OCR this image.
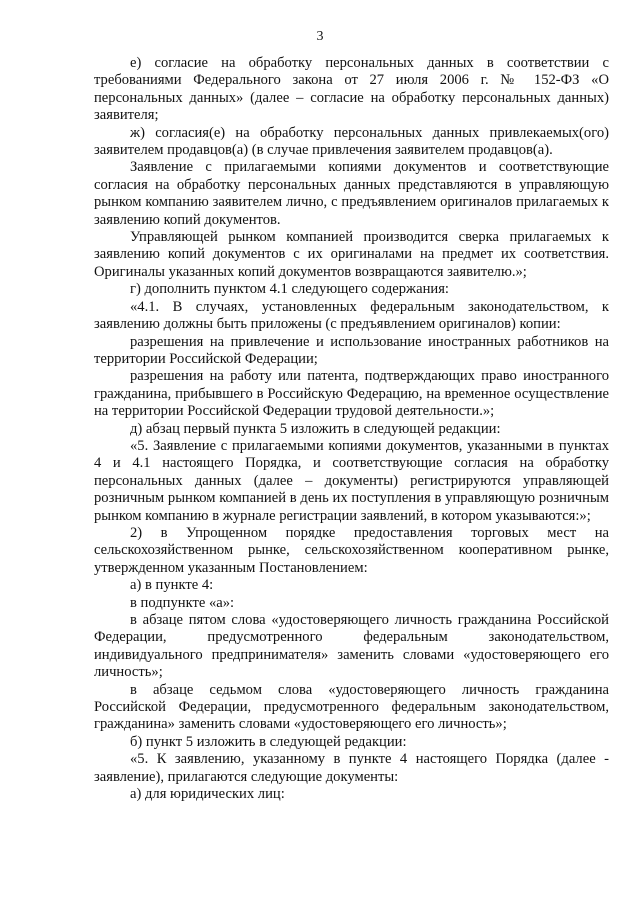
3

е) согласие на обработку персональных данных в соответствии с требованиями Федерального закона от 27 июля 2006 г. № 152-ФЗ «О персональных данных» (далее – согласие на обработку персональных данных) заявителя;

ж) согласия(е) на обработку персональных данных привлекаемых(ого) заявителем продавцов(а) (в случае привлечения заявителем продавцов(а).

Заявление с прилагаемыми копиями документов и соответствующие согласия на обработку персональных данных представляются в управляющую рынком компанию заявителем лично, с предъявлением оригиналов прилагаемых к заявлению копий документов.

Управляющей рынком компанией производится сверка прилагаемых к заявлению копий документов с их оригиналами на предмет их соответствия. Оригиналы указанных копий документов возвращаются заявителю.»;

г) дополнить пунктом 4.1 следующего содержания:

«4.1. В случаях, установленных федеральным законодательством, к заявлению должны быть приложены (с предъявлением оригиналов) копии:

разрешения на привлечение и использование иностранных работников на территории Российской Федерации;

разрешения на работу или патента, подтверждающих право иностранного гражданина, прибывшего в Российскую Федерацию, на временное осуществление на территории Российской Федерации трудовой деятельности.»;

д) абзац первый пункта 5 изложить в следующей редакции:

«5. Заявление с прилагаемыми копиями документов, указанными в пунктах 4 и 4.1 настоящего Порядка, и соответствующие согласия на обработку персональных данных (далее – документы) регистрируются управляющей розничным рынком компанией в день их поступления в управляющую розничным рынком компанию в журнале регистрации заявлений, в котором указываются:»;

2) в Упрощенном порядке предоставления торговых мест на сельскохозяйственном рынке, сельскохозяйственном кооперативном рынке, утвержденном указанным Постановлением:

а) в пункте 4:

в подпункте «а»:

в абзаце пятом слова «удостоверяющего личность гражданина Российской Федерации, предусмотренного федеральным законодательством, индивидуального предпринимателя» заменить словами «удостоверяющего его личность»;

в абзаце седьмом слова «удостоверяющего личность гражданина Российской Федерации, предусмотренного федеральным законодательством, гражданина» заменить словами «удостоверяющего его личность»;

б) пункт 5 изложить в следующей редакции:

«5. К заявлению, указанному в пункте 4 настоящего Порядка (далее - заявление), прилагаются следующие документы:

а) для юридических лиц:
